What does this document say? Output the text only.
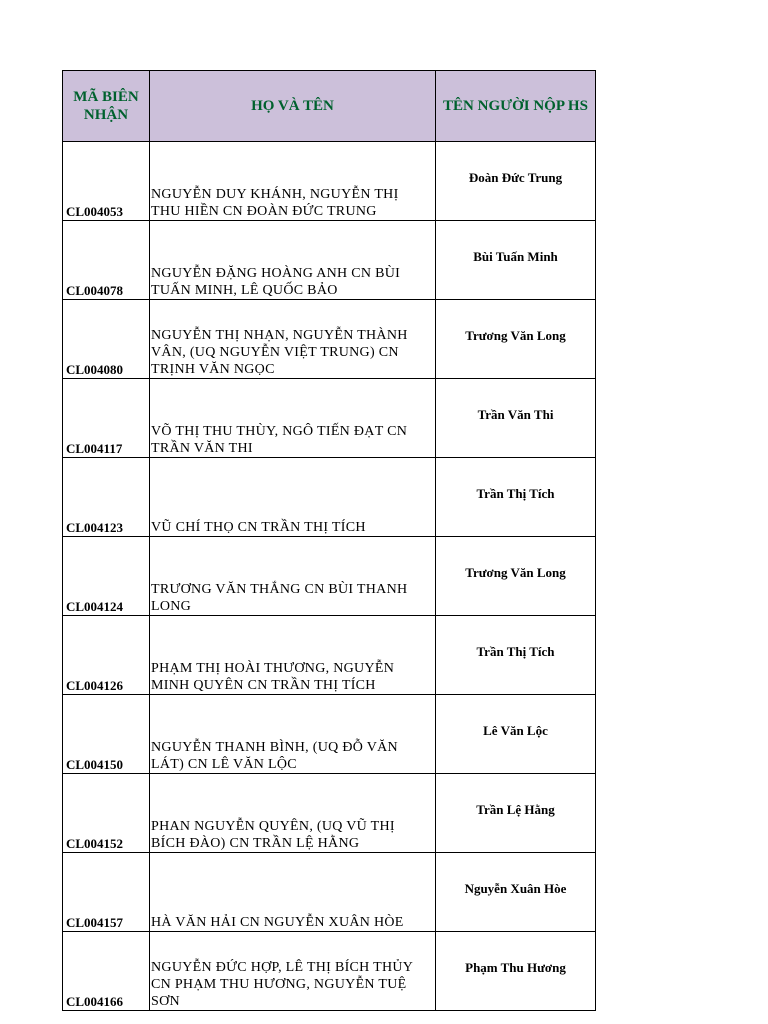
MÃ BIÊN NHẬN	HỌ VÀ TÊN	TÊN NGƯỜI NỘP HS
CL004053	NGUYỄN DUY KHÁNH, NGUYỄN THỊ THU HIỀN CN ĐOÀN ĐỨC TRUNG	Đoàn Đức Trung
CL004078	NGUYỄN ĐẶNG HOÀNG ANH CN BÙI TUẤN MINH, LÊ QUỐC BẢO	Bùi Tuấn Minh
CL004080	NGUYỄN THỊ NHẠN, NGUYỄN THÀNH VÂN, (UQ NGUYỄN VIỆT TRUNG) CN TRỊNH VĂN NGỌC	Trương Văn Long
CL004117	VÕ THỊ THU THÙY, NGÔ TIẾN ĐẠT CN TRẦN VĂN THI	Trần Văn Thi
CL004123	VŨ CHÍ THỌ CN TRẦN THỊ TÍCH	Trần Thị Tích
CL004124	TRƯƠNG VĂN THẮNG CN BÙI THANH LONG	Trương Văn Long
CL004126	PHẠM THỊ HOÀI THƯƠNG, NGUYỄN MINH QUYÊN CN TRẦN THỊ TÍCH	Trần Thị Tích
CL004150	NGUYỄN THANH BÌNH, (UQ ĐỖ VĂN LÁT) CN LÊ VĂN LỘC	Lê Văn Lộc
CL004152	PHAN NGUYỄN QUYÊN, (UQ VŨ THỊ BÍCH ĐÀO) CN TRẦN LỆ HẰNG	Trần Lệ Hằng
CL004157	HÀ VĂN HẢI CN NGUYỄN XUÂN HÒE	Nguyễn Xuân Hòe
CL004166	NGUYỄN ĐỨC HỢP, LÊ THỊ BÍCH THỦY CN PHẠM THU HƯƠNG, NGUYỄN TUỆ SƠN	Phạm Thu Hương
